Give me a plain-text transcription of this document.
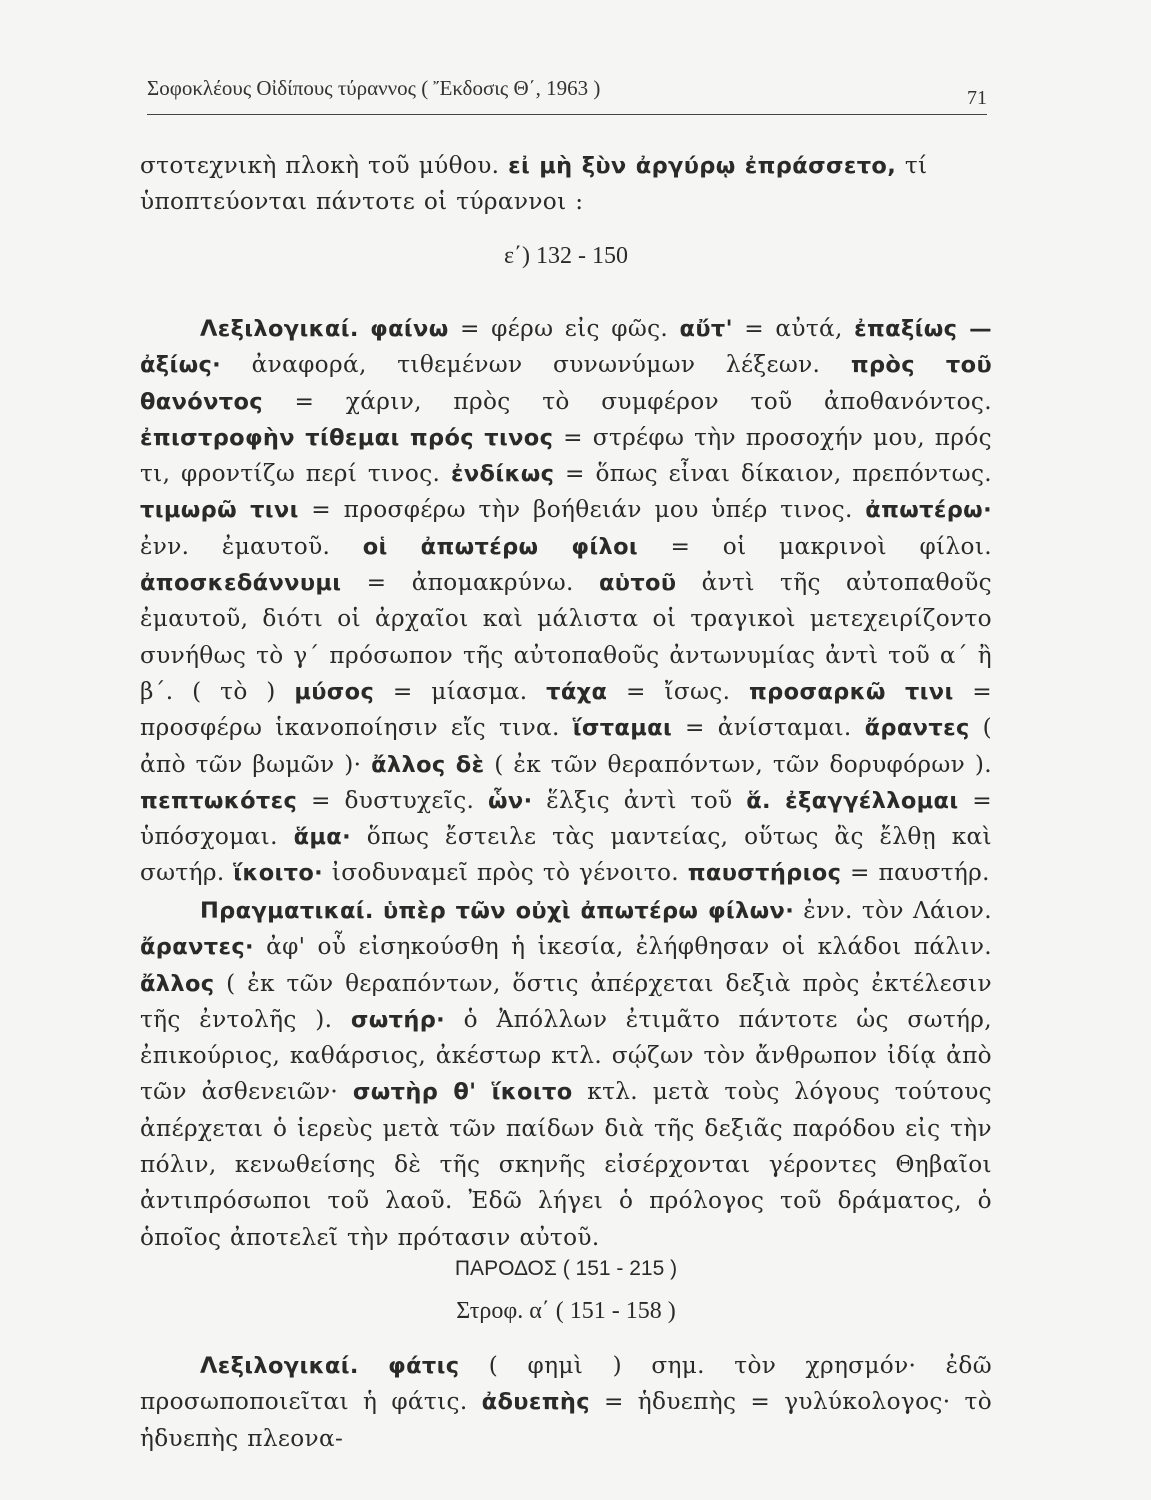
Σοφοκλέους Οἰδίπους τύραννος ( Ἔκδοσις Θ΄, 1963 )	71

στοτεχνικὴ πλοκὴ τοῦ μύθου. εἰ μὴ ξὺν ἀργύρῳ ἐπράσσετο, τί
ὑποπτεύονται πάντοτε οἱ τύραννοι :

ε΄) 132 - 150

Λεξιλογικαί. φαίνω = φέρω εἰς φῶς. αὔτ' = αὐτά, ἐπαξίως — ἀξίως· ἀναφορά, τιθεμένων συνωνύμων λέξεων. πρὸς τοῦ θανόντος = χάριν, πρὸς τὸ συμφέρον τοῦ ἀποθανόντος. ἐπιστροφὴν τίθεμαι πρός τινος = στρέφω τὴν προσοχήν μου, πρός τι, φροντίζω περί τινος. ἐνδίκως = ὅπως εἶναι δίκαιον, πρεπόντως. τιμωρῶ τινι = προσφέρω τὴν βοήθειάν μου ὑπέρ τινος. ἀπωτέρω· ἐνν. ἐμαυτοῦ. οἱ ἀπωτέρω φίλοι = οἱ μακρινοὶ φίλοι. ἀποσκεδάννυμι = ἀπομακρύνω. αὑτοῦ ἀντὶ τῆς αὐτοπαθοῦς ἐμαυτοῦ, διότι οἱ ἀρχαῖοι καὶ μάλιστα οἱ τραγικοὶ μετεχειρίζοντο συνήθως τὸ γ΄ πρόσωπον τῆς αὐτοπαθοῦς ἀντωνυμίας ἀντὶ τοῦ α΄ ἢ β΄. ( τὸ ) μύσος = μίασμα. τάχα = ἴσως. προσαρκῶ τινι = προσφέρω ἱκανοποίησιν εἴς τινα. ἵσταμαι = ἀνίσταμαι. ἄραντες ( ἀπὸ τῶν βωμῶν )· ἄλλος δὲ ( ἐκ τῶν θεραπόντων, τῶν δορυφόρων ). πεπτωκότες = δυστυχεῖς. ὧν· ἕλξις ἀντὶ τοῦ ἅ. ἐξαγγέλλομαι = ὑπόσχομαι. ἅμα· ὅπως ἔστειλε τὰς μαντείας, οὕτως ἂς ἔλθῃ καὶ σωτήρ. ἵκοιτο· ἰσοδυναμεῖ πρὸς τὸ γένοιτο. παυστήριος = παυστήρ.

Πραγματικαί. ὑπὲρ τῶν οὐχὶ ἀπωτέρω φίλων· ἐνν. τὸν Λάιον. ἄραντες· ἀφ' οὗ εἰσηκούσθη ἡ ἱκεσία, ἐλήφθησαν οἱ κλάδοι πάλιν. ἄλλος ( ἐκ τῶν θεραπόντων, ὅστις ἀπέρχεται δεξιὰ πρὸς ἐκτέλεσιν τῆς ἐντολῆς ). σωτήρ· ὁ Ἀπόλλων ἐτιμᾶτο πάντοτε ὡς σωτήρ, ἐπικούριος, καθάρσιος, ἀκέστωρ κτλ. σῴζων τὸν ἄνθρωπον ἰδίᾳ ἀπὸ τῶν ἀσθενειῶν· σωτὴρ θ' ἵκοιτο κτλ. μετὰ τοὺς λόγους τούτους ἀπέρχεται ὁ ἱερεὺς μετὰ τῶν παίδων διὰ τῆς δεξιᾶς παρόδου εἰς τὴν πόλιν, κενωθείσης δὲ τῆς σκηνῆς εἰσέρχονται γέροντες Θηβαῖοι ἀντιπρόσωποι τοῦ λαοῦ. Ἐδῶ λήγει ὁ πρόλογος τοῦ δράματος, ὁ ὁποῖος ἀποτελεῖ τὴν πρότασιν αὐτοῦ.

ΠΑΡΟΔΟΣ ( 151 - 215 )

Στροφ. α΄ ( 151 - 158 )

Λεξιλογικαί. φάτις ( φημὶ ) σημ. τὸν χρησμόν· ἐδῶ προσωποποιεῖται ἡ φάτις. ἀδυεπὴς = ἡδυεπὴς = γυλύκολογος· τὸ ἡδυεπὴς πλεονα-
